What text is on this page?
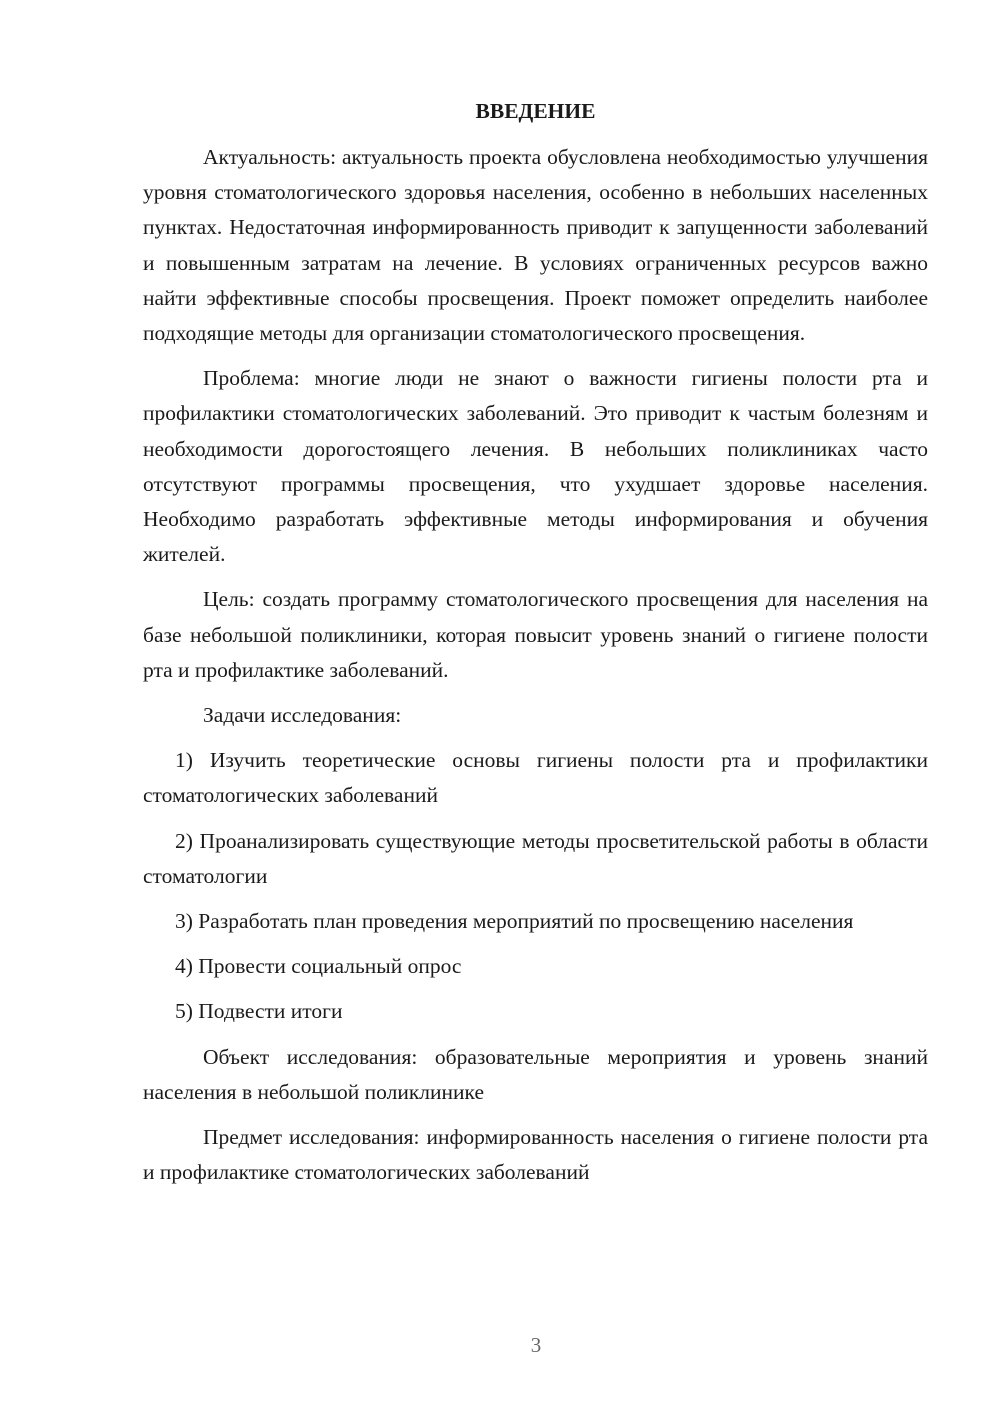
ВВЕДЕНИЕ

Актуальность: актуальность проекта обусловлена необходимостью улучшения уровня стоматологического здоровья населения, особенно в небольших населенных пунктах. Недостаточная информированность приводит к запущенности заболеваний и повышенным затратам на лечение. В условиях ограниченных ресурсов важно найти эффективные способы просвещения. Проект поможет определить наиболее подходящие методы для организации стоматологического просвещения.

Проблема: многие люди не знают о важности гигиены полости рта и профилактики стоматологических заболеваний. Это приводит к частым болезням и необходимости дорогостоящего лечения. В небольших поликлиниках часто отсутствуют программы просвещения, что ухудшает здоровье населения. Необходимо разработать эффективные методы информирования и обучения жителей.

Цель: создать программу стоматологического просвещения для населения на базе небольшой поликлиники, которая повысит уровень знаний о гигиене полости рта и профилактике заболеваний.

Задачи исследования:

1) Изучить теоретические основы гигиены полости рта и профилактики стоматологических заболеваний

2) Проанализировать существующие методы просветительской работы в области стоматологии

3) Разработать план проведения мероприятий по просвещению населения

4) Провести социальный опрос

5) Подвести итоги

Объект исследования: образовательные мероприятия и уровень знаний населения в небольшой поликлинике

Предмет исследования: информированность населения о гигиене полости рта и профилактике стоматологических заболеваний

3
